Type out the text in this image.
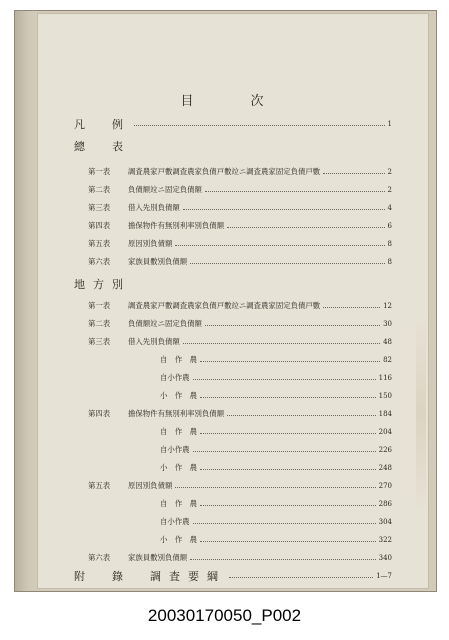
目　次
凡　例	1
總　表
第一表	調査農家戸數調査農家負債戸數竝ニ調査農家固定負債戸數	2
第二表	負債額竝ニ固定負債額	2
第三表	借入先別負債額	4
第四表	擔保物件有無別利率別負債額	6
第五表	原因別負債額	8
第六表	家族員數別負債額	8
地方別
第一表	調査農家戸數調査農家負債戸數竝ニ調査農家固定負債戸數	12
第二表	負債額竝ニ固定負債額	30
第三表	借入先別負債額	48
自　作　農	82
自小作農	116
小　作　農	150
第四表	擔保物件有無別利率別負債額	184
自　作　農	204
自小作農	226
小　作　農	248
第五表	原因別負債額	270
自　作　農	286
自小作農	304
小　作　農	322
第六表	家族員數別負債額	340
附　錄　調査要綱	1—7
20030170050_P002
